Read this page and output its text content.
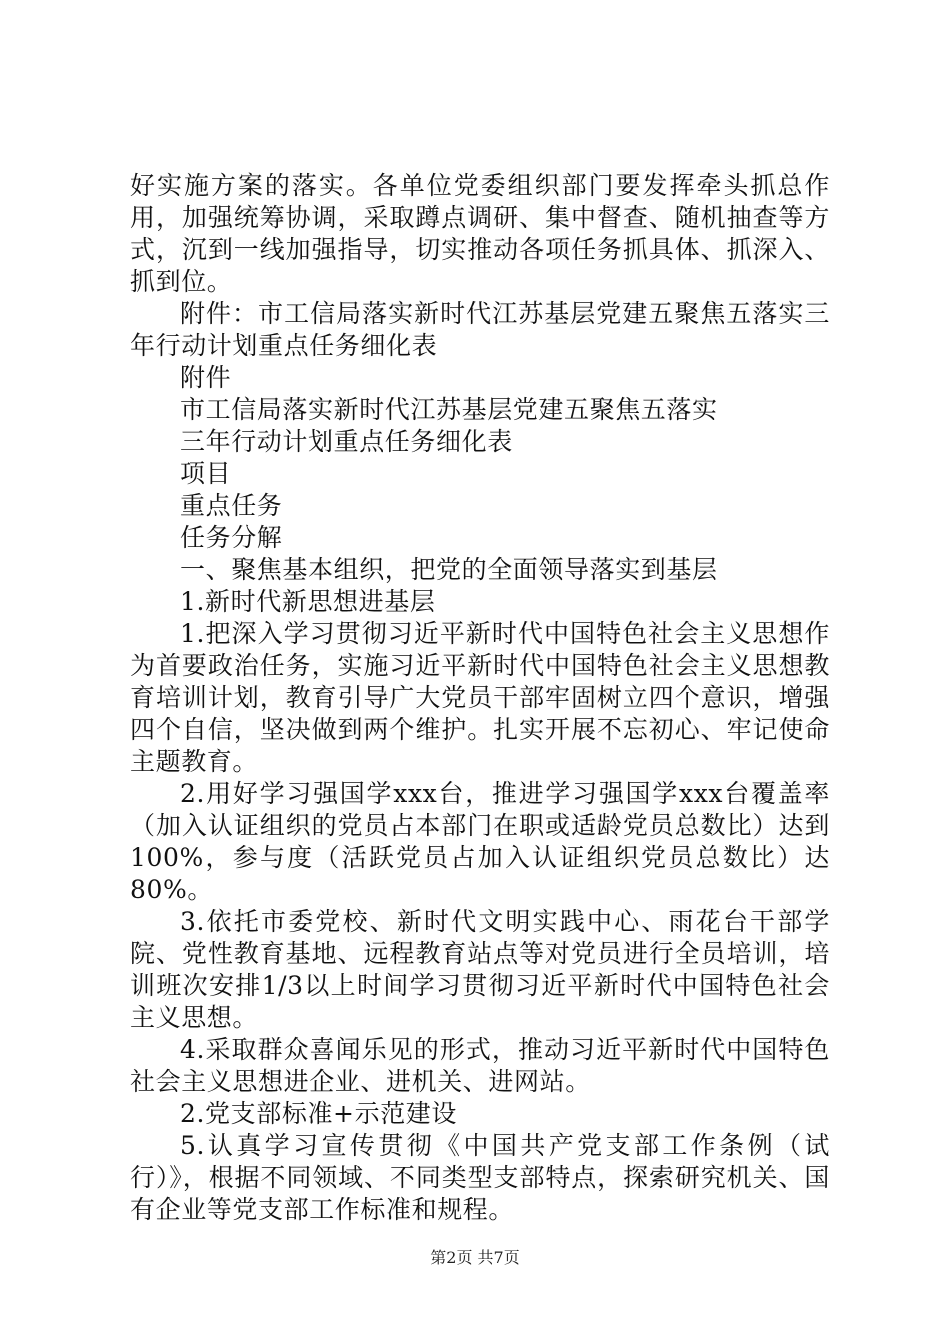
好实施方案的落实。各单位党委组织部门要发挥牵头抓总作用，加强统筹协调，采取蹲点调研、集中督查、随机抽查等方式，沉到一线加强指导，切实推动各项任务抓具体、抓深入、抓到位。

附件：市工信局落实新时代江苏基层党建五聚焦五落实三年行动计划重点任务细化表

附件

市工信局落实新时代江苏基层党建五聚焦五落实

三年行动计划重点任务细化表

项目

重点任务

任务分解

一、聚焦基本组织，把党的全面领导落实到基层

1.新时代新思想进基层

1.把深入学习贯彻习近平新时代中国特色社会主义思想作为首要政治任务，实施习近平新时代中国特色社会主义思想教育培训计划，教育引导广大党员干部牢固树立四个意识，增强四个自信，坚决做到两个维护。扎实开展不忘初心、牢记使命主题教育。

2.用好学习强国学xxx台，推进学习强国学xxx台覆盖率（加入认证组织的党员占本部门在职或适龄党员总数比）达到100%，参与度（活跃党员占加入认证组织党员总数比）达80%。

3.依托市委党校、新时代文明实践中心、雨花台干部学院、党性教育基地、远程教育站点等对党员进行全员培训，培训班次安排1/3以上时间学习贯彻习近平新时代中国特色社会主义思想。

4.采取群众喜闻乐见的形式，推动习近平新时代中国特色社会主义思想进企业、进机关、进网站。

2.党支部标准+示范建设

5.认真学习宣传贯彻《中国共产党支部工作条例（试行）》，根据不同领域、不同类型支部特点，探索研究机关、国有企业等党支部工作标准和规程。

第2页 共7页
